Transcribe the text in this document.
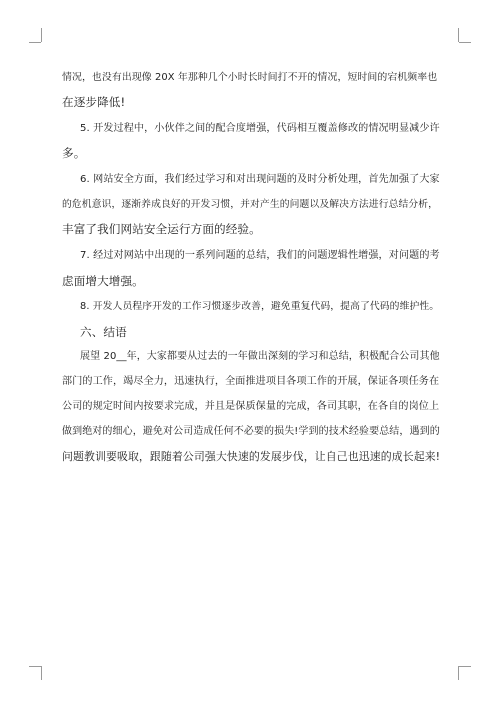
情况，也没有出现像 20X 年那种几个小时长时间打不开的情况，短时间的宕机频率也
在逐步降低!
5. 开发过程中，小伙伴之间的配合度增强，代码相互覆盖修改的情况明显减少许
多。
6. 网站安全方面，我们经过学习和对出现问题的及时分析处理，首先加强了大家
的危机意识，逐渐养成良好的开发习惯，并对产生的问题以及解决方法进行总结分析，
丰富了我们网站安全运行方面的经验。
7. 经过对网站中出现的一系列问题的总结，我们的问题逻辑性增强，对问题的考
虑面增大增强。
8. 开发人员程序开发的工作习惯逐步改善，避免重复代码，提高了代码的维护性。
六、结语
展望 20__年，大家都要从过去的一年做出深刻的学习和总结，积极配合公司其他
部门的工作，竭尽全力，迅速执行，全面推进项目各项工作的开展，保证各项任务在
公司的规定时间内按要求完成，并且是保质保量的完成，各司其职，在各自的岗位上
做到绝对的细心，避免对公司造成任何不必要的损失!学到的技术经验要总结，遇到的
问题教训要吸取，跟随着公司强大快速的发展步伐，让自己也迅速的成长起来!
